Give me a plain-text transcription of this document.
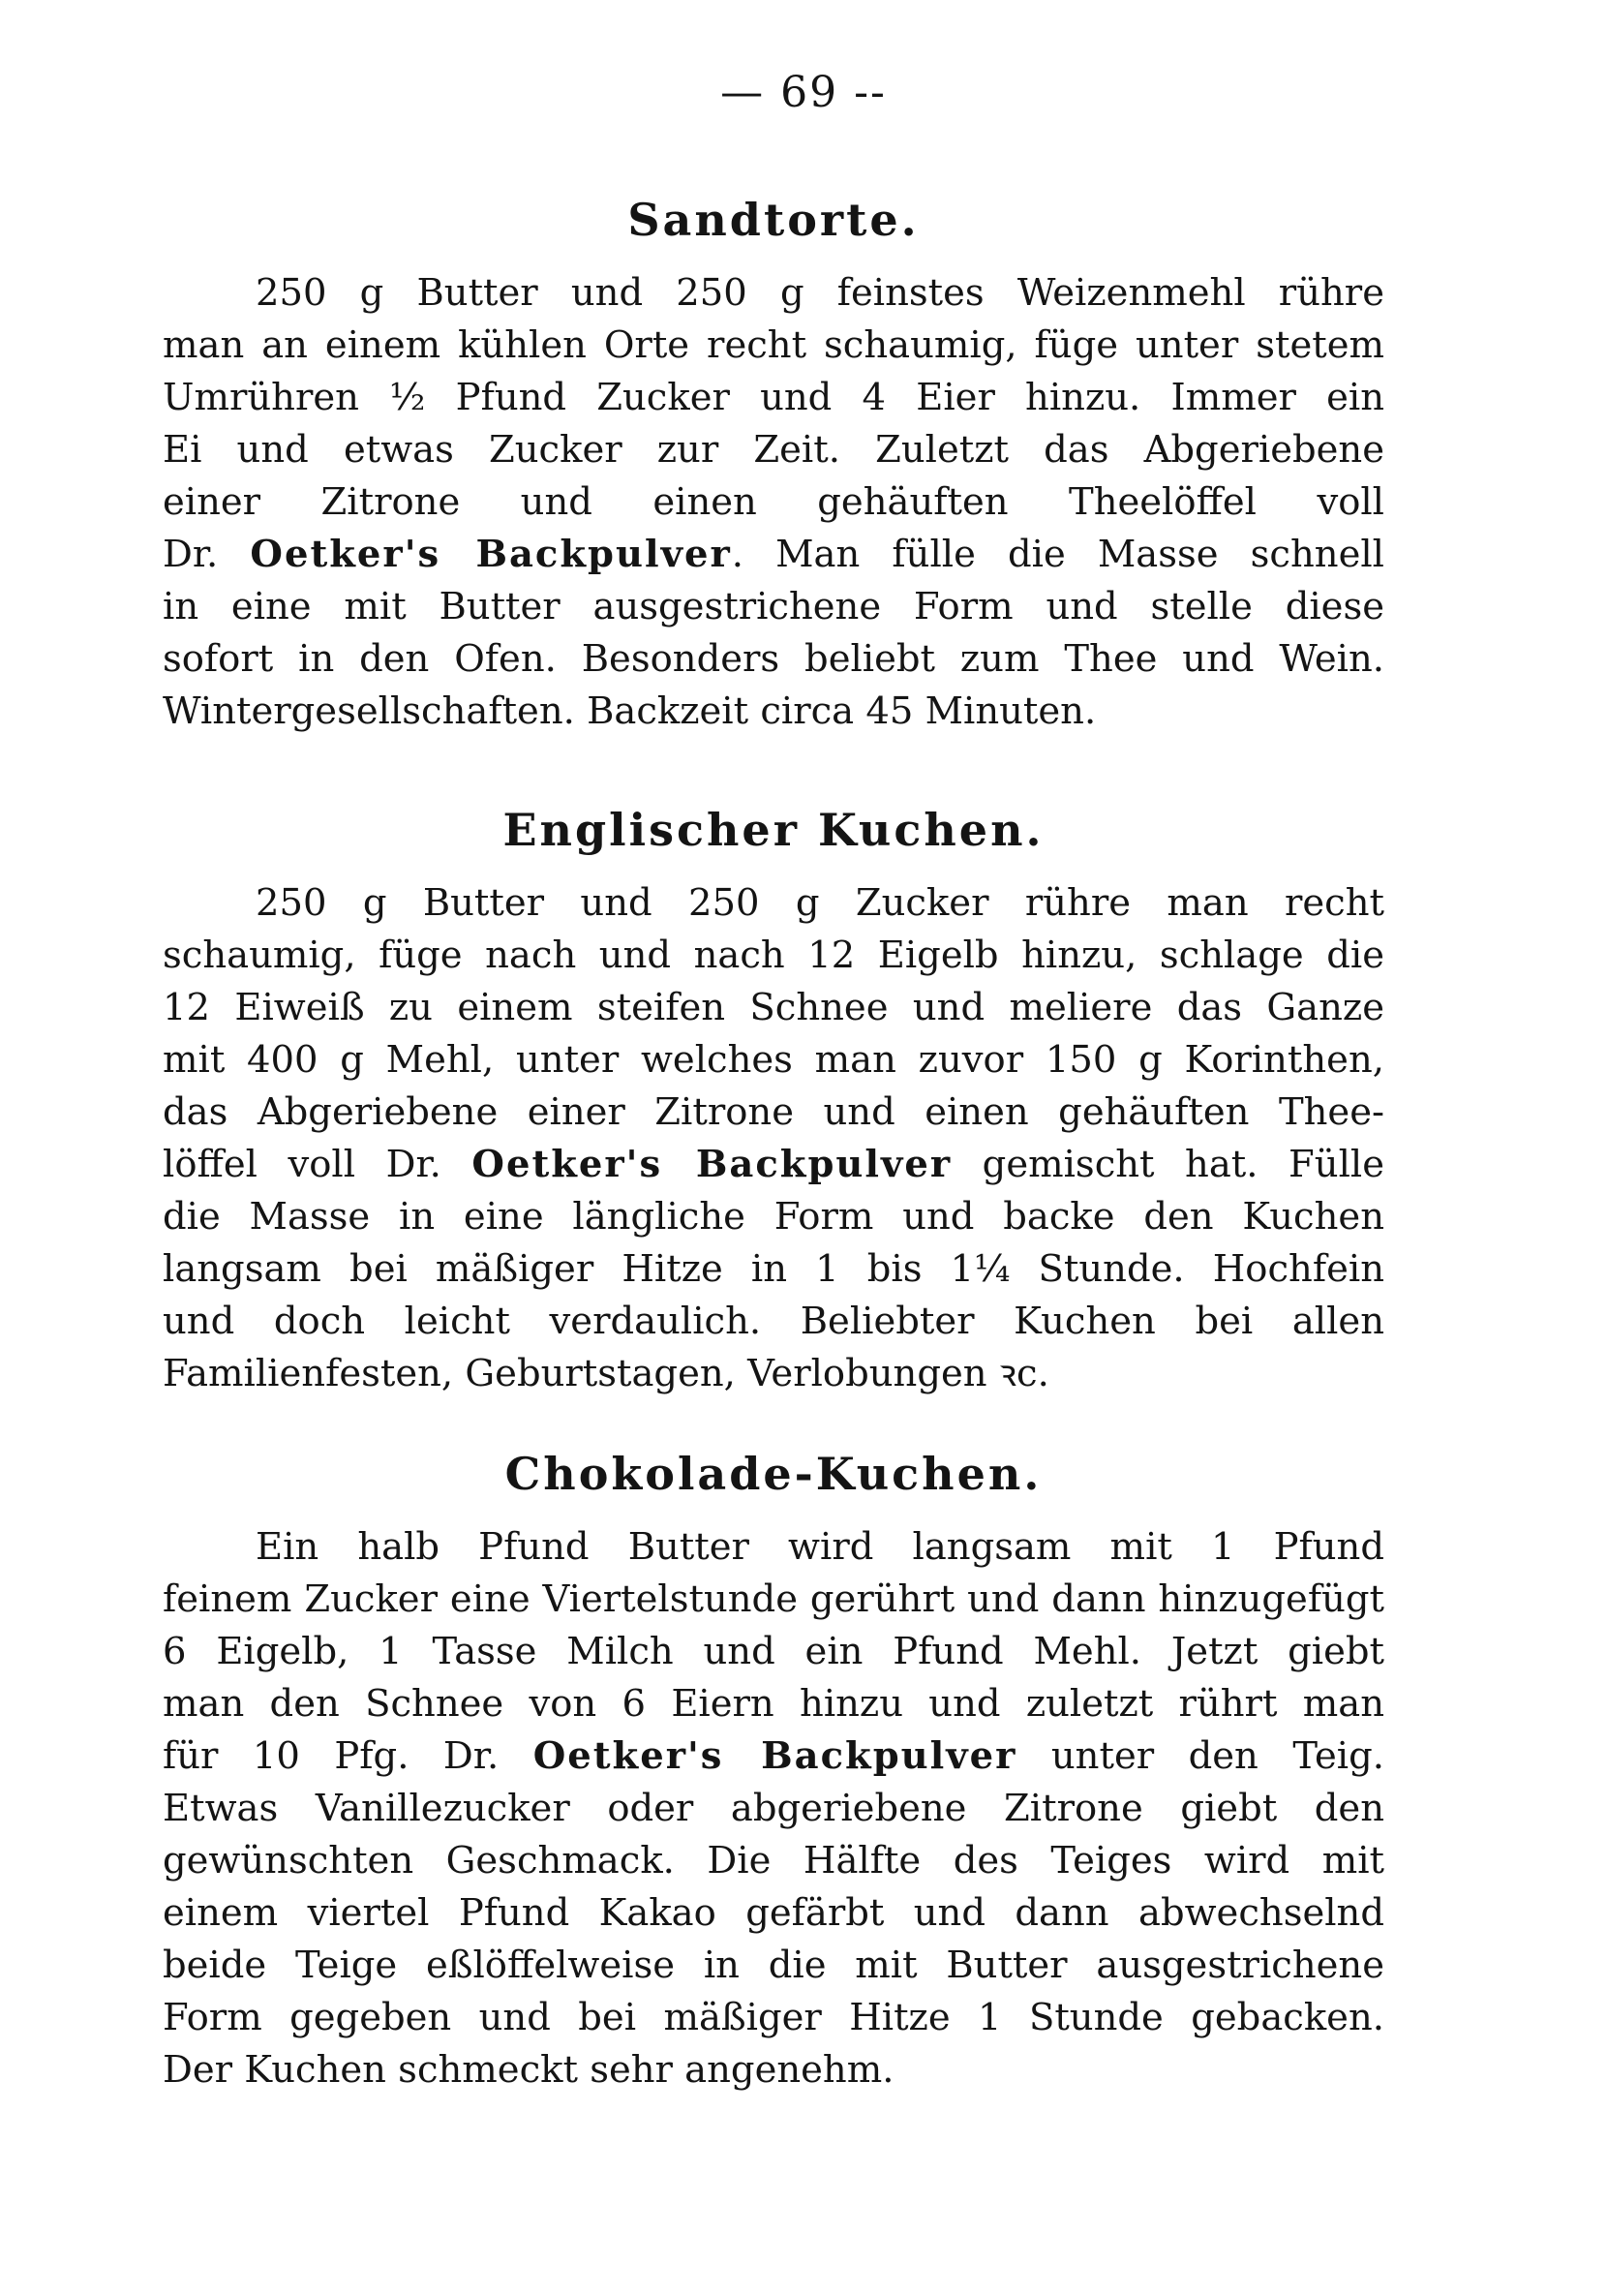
— 69 --
Sandtorte.
250 g Butter und 250 g feinstes Weizenmehl rühre
man an einem kühlen Orte recht schaumig, füge unter stetem
Umrühren ½ Pfund Zucker und 4 Eier hinzu. Immer ein
Ei und etwas Zucker zur Zeit. Zuletzt das Abgeriebene
einer Zitrone und einen gehäuften Theelöffel voll
Dr. Oetker's Backpulver. Man fülle die Masse schnell
in eine mit Butter ausgestrichene Form und stelle diese
sofort in den Ofen. Besonders beliebt zum Thee und Wein.
Wintergesellschaften. Backzeit circa 45 Minuten.
Englischer Kuchen.
250 g Butter und 250 g Zucker rühre man recht
schaumig, füge nach und nach 12 Eigelb hinzu, schlage die
12 Eiweiß zu einem steifen Schnee und meliere das Ganze
mit 400 g Mehl, unter welches man zuvor 150 g Korinthen,
das Abgeriebene einer Zitrone und einen gehäuften Thee-
löffel voll Dr. Oetker's Backpulver gemischt hat. Fülle
die Masse in eine längliche Form und backe den Kuchen
langsam bei mäßiger Hitze in 1 bis 1¼ Stunde. Hochfein
und doch leicht verdaulich. Beliebter Kuchen bei allen
Familienfesten, Geburtstagen, Verlobungen ꝛc.
Chokolade-Kuchen.
Ein halb Pfund Butter wird langsam mit 1 Pfund
feinem Zucker eine Viertelstunde gerührt und dann hinzugefügt
6 Eigelb, 1 Tasse Milch und ein Pfund Mehl. Jetzt giebt
man den Schnee von 6 Eiern hinzu und zuletzt rührt man
für 10 Pfg. Dr. Oetker's Backpulver unter den Teig.
Etwas Vanillezucker oder abgeriebene Zitrone giebt den
gewünschten Geschmack. Die Hälfte des Teiges wird mit
einem viertel Pfund Kakao gefärbt und dann abwechselnd
beide Teige eßlöffelweise in die mit Butter ausgestrichene
Form gegeben und bei mäßiger Hitze 1 Stunde gebacken.
Der Kuchen schmeckt sehr angenehm.
